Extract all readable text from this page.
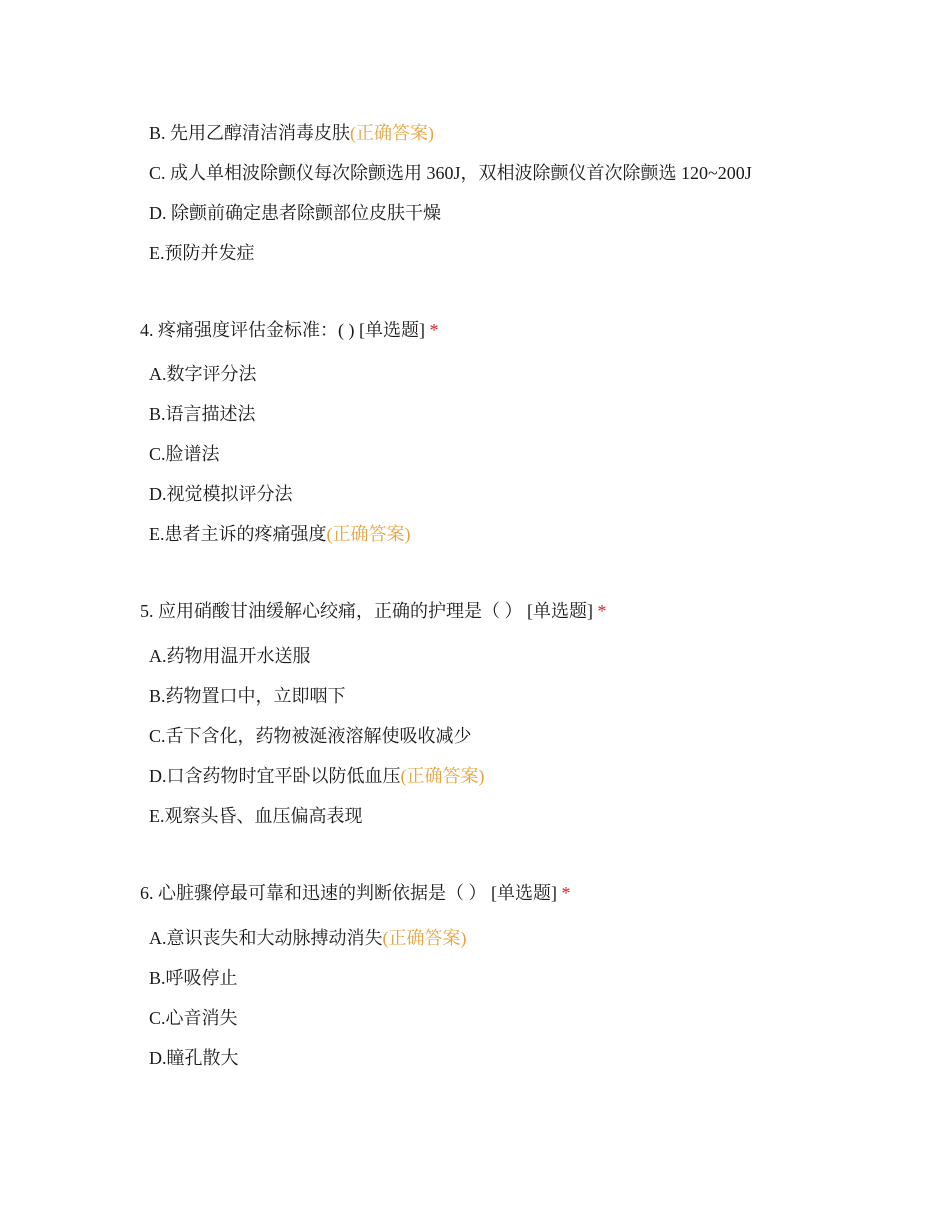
B. 先用乙醇清洁消毒皮肤(正确答案)
C. 成人单相波除颤仪每次除颤选用 360J，双相波除颤仪首次除颤选 120~200J
D. 除颤前确定患者除颤部位皮肤干燥
E.预防并发症
4. 疼痛强度评估金标准：( ) [单选题] *
A.数字评分法
B.语言描述法
C.脸谱法
D.视觉模拟评分法
E.患者主诉的疼痛强度(正确答案)
5. 应用硝酸甘油缓解心绞痛，正确的护理是（ ） [单选题] *
A.药物用温开水送服
B.药物置口中，立即咽下
C.舌下含化，药物被涎液溶解使吸收减少
D.口含药物时宜平卧以防低血压(正确答案)
E.观察头昏、血压偏高表现
6. 心脏骤停最可靠和迅速的判断依据是（ ） [单选题] *
A.意识丧失和大动脉搏动消失(正确答案)
B.呼吸停止
C.心音消失
D.瞳孔散大
